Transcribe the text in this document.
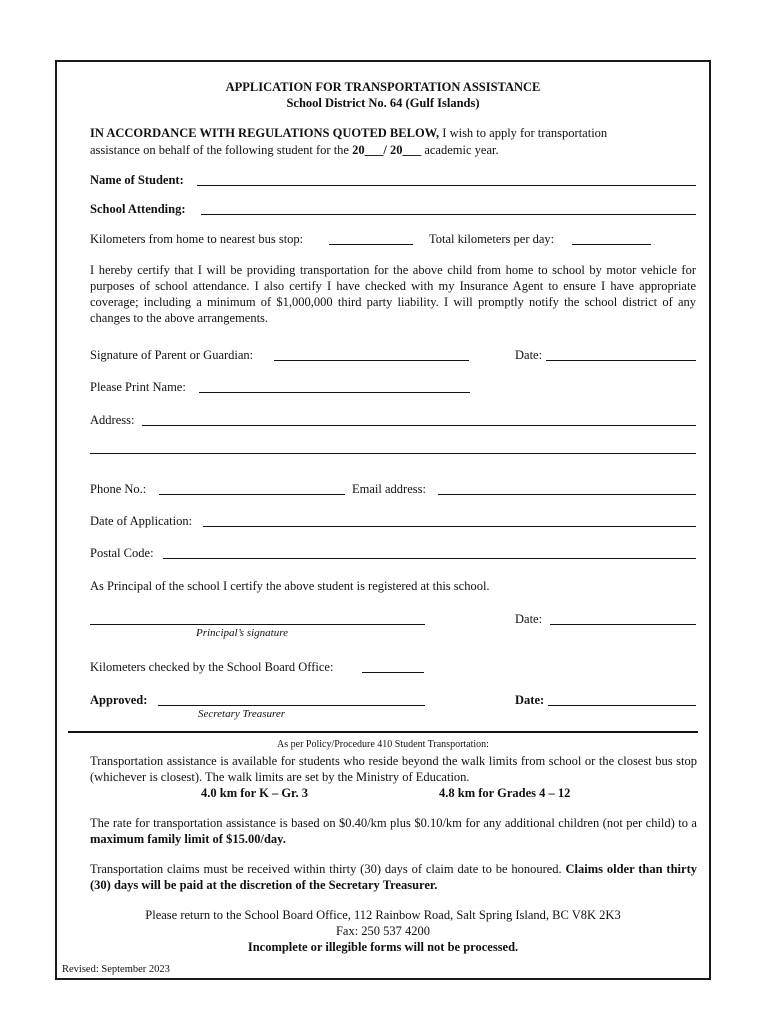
APPLICATION FOR TRANSPORTATION ASSISTANCE
School District No. 64 (Gulf Islands)
IN ACCORDANCE WITH REGULATIONS QUOTED BELOW, I wish to apply for transportation
assistance on behalf of the following student for the 20___/ 20___ academic year.
Name of Student:
School Attending:
Kilometers from home to nearest bus stop:	Total kilometers per day:
I hereby certify that I will be providing transportation for the above child from home to school by motor vehicle for purposes of school attendance. I also certify I have checked with my Insurance Agent to ensure I have appropriate coverage; including a minimum of $1,000,000 third party liability. I will promptly notify the school district of any changes to the above arrangements.
Signature of Parent or Guardian:	Date:
Please Print Name:
Address:
Phone No.:	Email address:
Date of Application:
Postal Code:
As Principal of the school I certify the above student is registered at this school.
Principal’s signature
Date:
Kilometers checked by the School Board Office:
Approved:
Secretary Treasurer
Date:
As per Policy/Procedure 410 Student Transportation:
Transportation assistance is available for students who reside beyond the walk limits from school or the closest bus stop (whichever is closest). The walk limits are set by the Ministry of Education.
4.0 km for K – Gr. 3	4.8 km for Grades 4 – 12
The rate for transportation assistance is based on $0.40/km plus $0.10/km for any additional children (not per child) to a maximum family limit of $15.00/day.
Transportation claims must be received within thirty (30) days of claim date to be honoured. Claims older than thirty (30) days will be paid at the discretion of the Secretary Treasurer.
Please return to the School Board Office, 112 Rainbow Road, Salt Spring Island, BC V8K 2K3
Fax: 250 537 4200
Incomplete or illegible forms will not be processed.
Revised: September 2023
